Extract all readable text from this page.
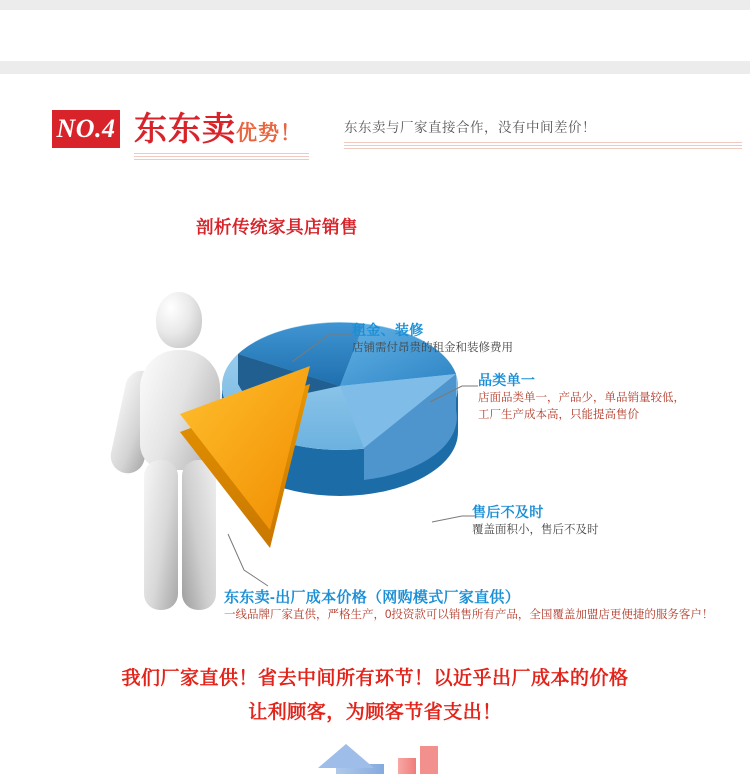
NO.4 东东卖优势！	东东卖与厂家直接合作，没有中间差价！
剖析传统家具店销售
租金、装修
店铺需付昂贵的租金和装修费用
品类单一
店面品类单一，产品少，单品销量较低，
工厂生产成本高，只能提高售价
售后不及时
覆盖面积小，售后不及时
东东卖-出厂成本价格（网购模式厂家直供）
一线品牌厂家直供，严格生产，0投资款可以销售所有产品，全国覆盖加盟店更便捷的服务客户！
我们厂家直供！省去中间所有环节！以近乎出厂成本的价格
让利顾客，为顾客节省支出！
